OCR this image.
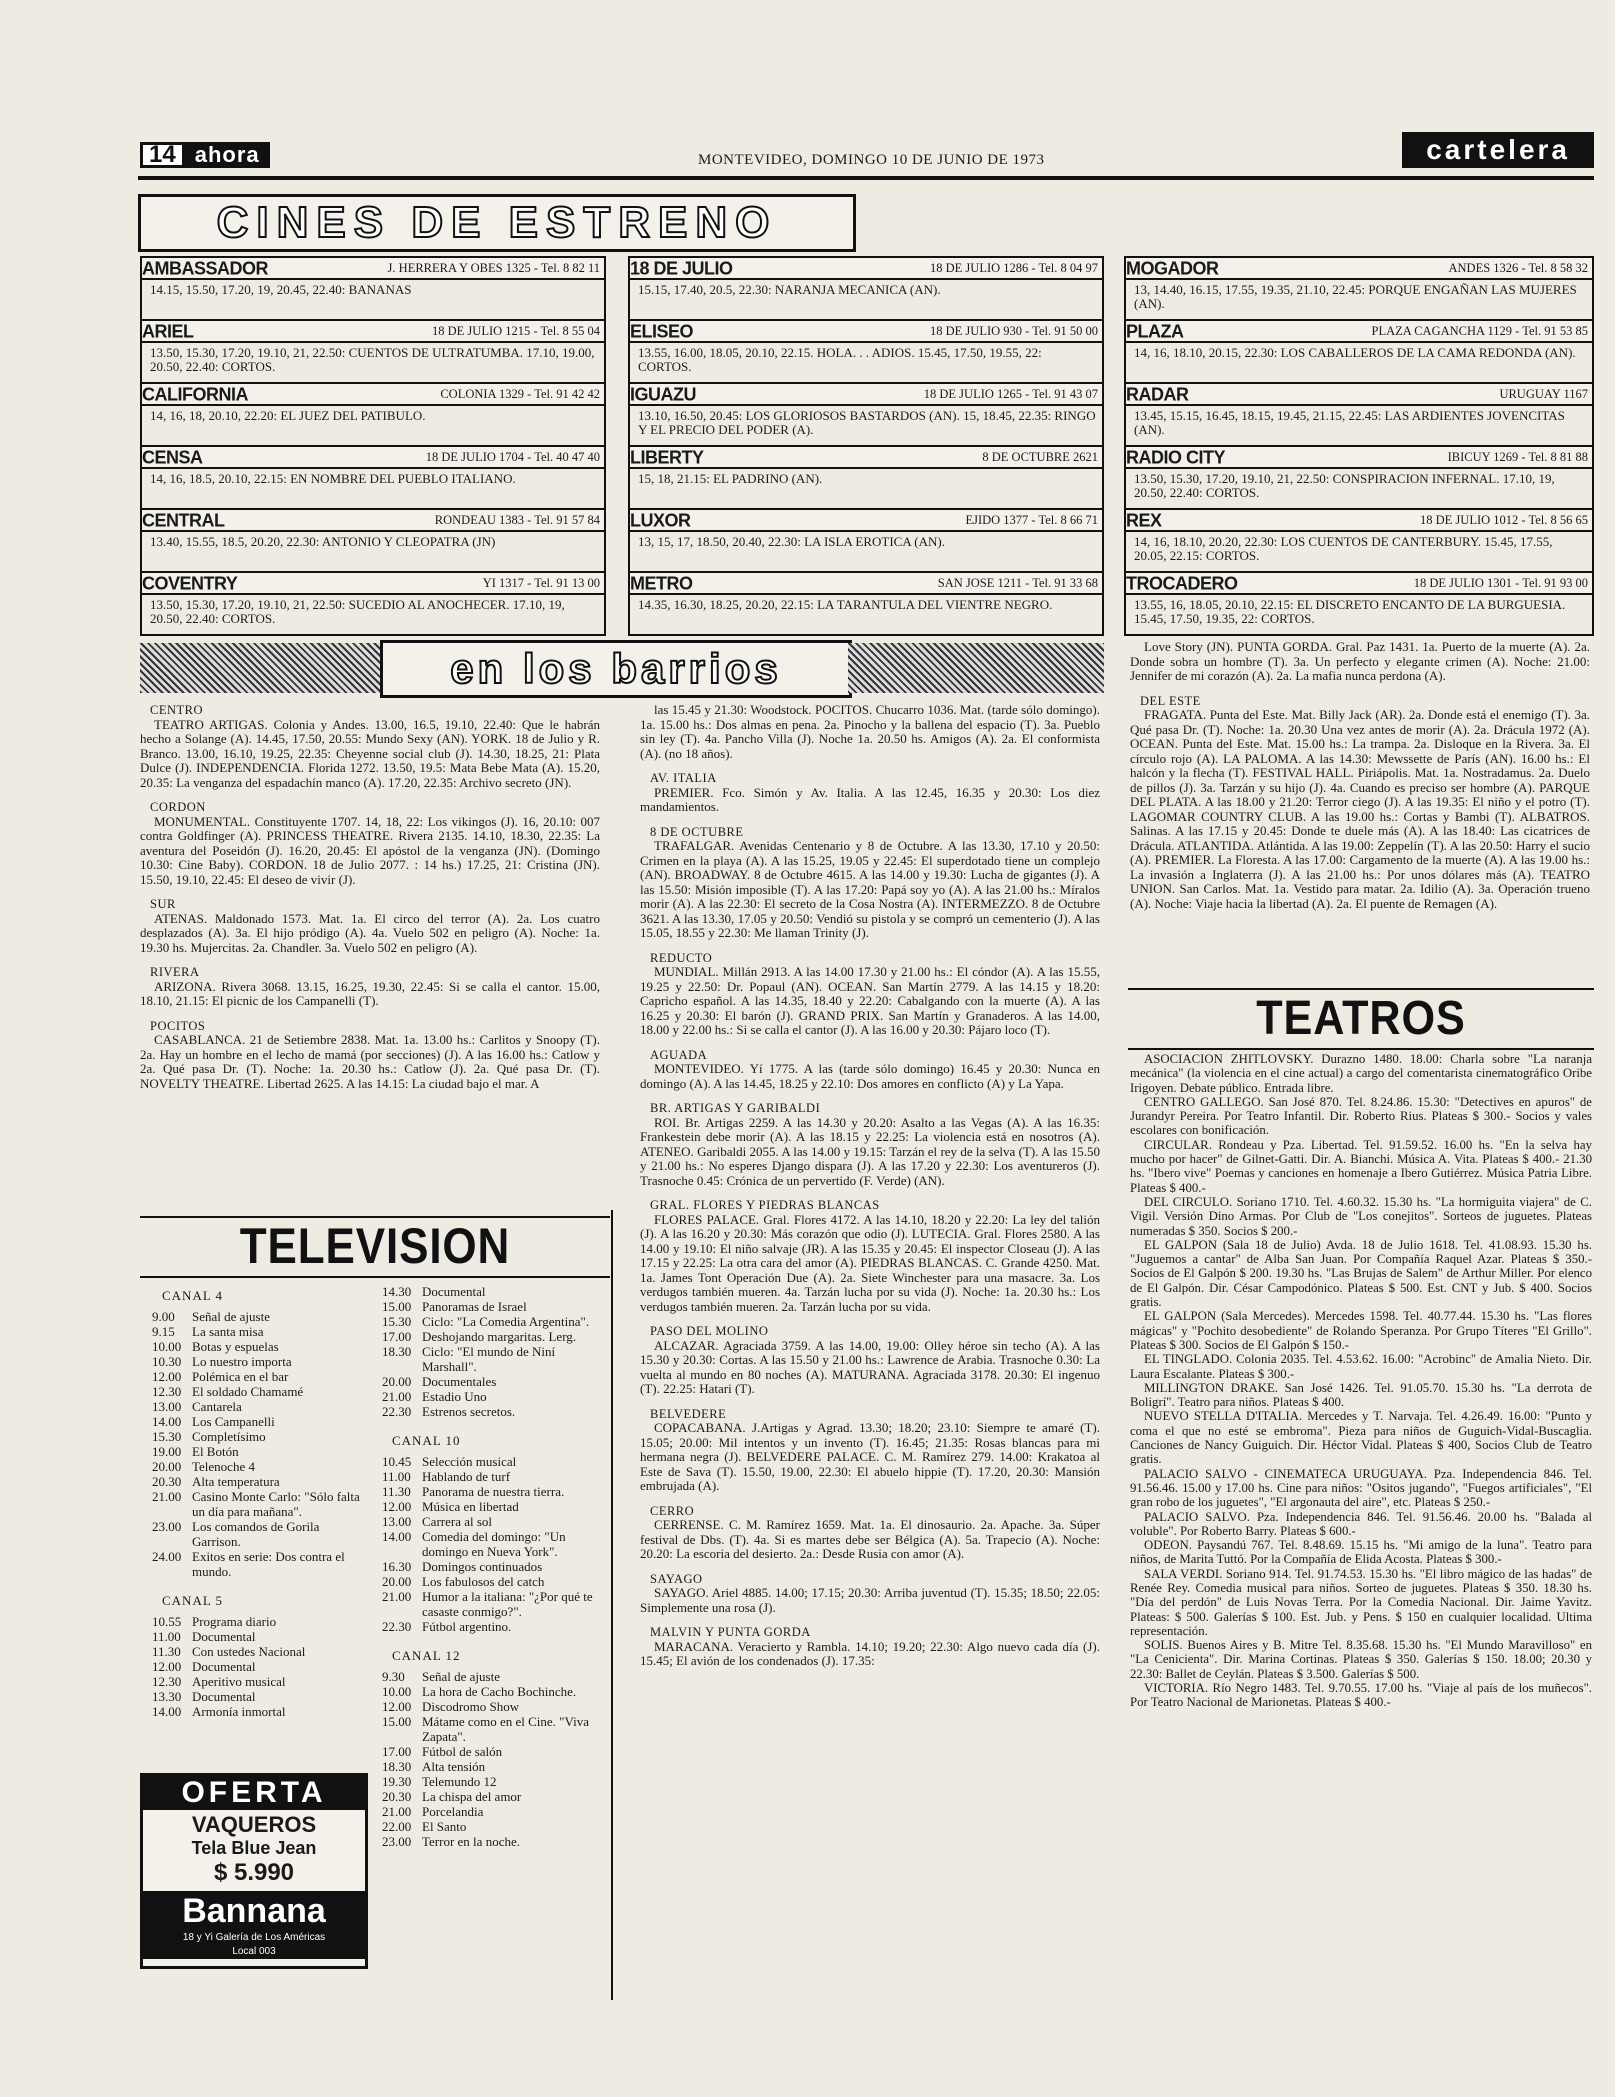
14 ahora	MONTEVIDEO, DOMINGO 10 DE JUNIO DE 1973	cartelera
CINES DE ESTRENO
AMBASSADOR	J. HERRERA Y OBES 1325 - Tel. 8 82 11
14.15, 15.50, 17.20, 19, 20.45, 22.40: BANANAS
ARIEL	18 DE JULIO 1215 - Tel. 8 55 04
13.50, 15.30, 17.20, 19.10, 21, 22.50: CUENTOS DE ULTRATUMBA. 17.10, 19.00, 20.50, 22.40: CORTOS.
CALIFORNIA	COLONIA 1329 - Tel. 91 42 42
14, 16, 18, 20.10, 22.20: EL JUEZ DEL PATIBULO.
CENSA	18 DE JULIO 1704 - Tel. 40 47 40
14, 16, 18.5, 20.10, 22.15: EN NOMBRE DEL PUEBLO ITALIANO.
CENTRAL	RONDEAU 1383 - Tel. 91 57 84
13.40, 15.55, 18.5, 20.20, 22.30: ANTONIO Y CLEOPATRA (JN)
COVENTRY	YI 1317 - Tel. 91 13 00
13.50, 15.30, 17.20, 19.10, 21, 22.50: SUCEDIO AL ANOCHECER. 17.10, 19, 20.50, 22.40: CORTOS.
18 DE JULIO	18 DE JULIO 1286 - Tel. 8 04 97
15.15, 17.40, 20.5, 22.30: NARANJA MECANICA (AN).
ELISEO	18 DE JULIO 930 - Tel. 91 50 00
13.55, 16.00, 18.05, 20.10, 22.15. HOLA. . . ADIOS. 15.45, 17.50, 19.55, 22: CORTOS.
IGUAZU	18 DE JULIO 1265 - Tel. 91 43 07
13.10, 16.50, 20.45: LOS GLORIOSOS BASTARDOS (AN). 15, 18.45, 22.35: RINGO Y EL PRECIO DEL PODER (A).
LIBERTY	8 DE OCTUBRE 2621
15, 18, 21.15: EL PADRINO (AN).
LUXOR	EJIDO 1377 - Tel. 8 66 71
13, 15, 17, 18.50, 20.40, 22.30: LA ISLA EROTICA (AN).
METRO	SAN JOSE 1211 - Tel. 91 33 68
14.35, 16.30, 18.25, 20.20, 22.15: LA TARANTULA DEL VIENTRE NEGRO.
MOGADOR	ANDES 1326 - Tel. 8 58 32
13, 14.40, 16.15, 17.55, 19.35, 21.10, 22.45: PORQUE ENGAÑAN LAS MUJERES (AN).
PLAZA	PLAZA CAGANCHA 1129 - Tel. 91 53 85
14, 16, 18.10, 20.15, 22.30: LOS CABALLEROS DE LA CAMA REDONDA (AN).
RADAR	URUGUAY 1167
13.45, 15.15, 16.45, 18.15, 19.45, 21.15, 22.45: LAS ARDIENTES JOVENCITAS (AN).
RADIO CITY	IBICUY 1269 - Tel. 8 81 88
13.50, 15.30, 17.20, 19.10, 21, 22.50: CONSPIRACION INFERNAL. 17.10, 19, 20.50, 22.40: CORTOS.
REX	18 DE JULIO 1012 - Tel. 8 56 65
14, 16, 18.10, 20.20, 22.30: LOS CUENTOS DE CANTERBURY. 15.45, 17.55, 20.05, 22.15: CORTOS.
TROCADERO	18 DE JULIO 1301 - Tel. 91 93 00
13.55, 16, 18.05, 20.10, 22.15: EL DISCRETO ENCANTO DE LA BURGUESIA. 15.45, 17.50, 19.35, 22: CORTOS.
en los barrios

CENTRO

TEATRO ARTIGAS. Colonia y Andes. 13.00, 16.5, 19.10, 22.40: Que le habrán hecho a Solange (A). 14.45, 17.50, 20.55: Mundo Sexy (AN). YORK. 18 de Julio y R. Branco. 13.00, 16.10, 19.25, 22.35: Cheyenne social club (J). 14.30, 18.25, 21: Plata Dulce (J). INDEPENDENCIA. Florida 1272. 13.50, 19.5: Mata Bebe Mata (A). 15.20, 20.35: La venganza del espadachín manco (A). 17.20, 22.35: Archivo secreto (JN).

CORDON

MONUMENTAL. Constituyente 1707. 14, 18, 22: Los vikingos (J). 16, 20.10: 007 contra Goldfinger (A). PRINCESS THEATRE. Rivera 2135. 14.10, 18.30, 22.35: La aventura del Poseidón (J). 16.20, 20.45: El apóstol de la venganza (JN). (Domingo 10.30: Cine Baby). CORDON. 18 de Julio 2077. : 14 hs.) 17.25, 21: Cristina (JN). 15.50, 19.10, 22.45: El deseo de vivir (J).

SUR

ATENAS. Maldonado 1573. Mat. 1a. El circo del terror (A). 2a. Los cuatro desplazados (A). 3a. El hijo pródigo (A). 4a. Vuelo 502 en peligro (A). Noche: 1a. 19.30 hs. Mujercitas. 2a. Chandler. 3a. Vuelo 502 en peligro (A).

RIVERA

ARIZONA. Rivera 3068. 13.15, 16.25, 19.30, 22.45: Si se calla el cantor. 15.00, 18.10, 21.15: El picnic de los Campanelli (T).

POCITOS

CASABLANCA. 21 de Setiembre 2838. Mat. 1a. 13.00 hs.: Carlitos y Snoopy (T). 2a. Hay un hombre en el lecho de mamá (por secciones) (J). A las 16.00 hs.: Catlow y 2a. Qué pasa Dr. (T). Noche: 1a. 20.30 hs.: Catlow (J). 2a. Qué pasa Dr. (T). NOVELTY THEATRE. Libertad 2625. A las 14.15: La ciudad bajo el mar. A

las 15.45 y 21.30: Woodstock. POCITOS. Chucarro 1036. Mat. (tarde sólo domingo). 1a. 15.00 hs.: Dos almas en pena. 2a. Pinocho y la ballena del espacio (T). 3a. Pueblo sin ley (T). 4a. Pancho Villa (J). Noche 1a. 20.50 hs. Amigos (A). 2a. El conformista (A). (no 18 años).

AV. ITALIA

PREMIER. Fco. Simón y Av. Italia. A las 12.45, 16.35 y 20.30: Los diez mandamientos.

8 DE OCTUBRE

TRAFALGAR. Avenidas Centenario y 8 de Octubre. A las 13.30, 17.10 y 20.50: Crimen en la playa (A). A las 15.25, 19.05 y 22.45: El superdotado tiene un complejo (AN). BROADWAY. 8 de Octubre 4615. A las 14.00 y 19.30: Lucha de gigantes (J). A las 15.50: Misión imposible (T). A las 17.20: Papá soy yo (A). A las 21.00 hs.: Míralos morir (A). A las 22.30: El secreto de la Cosa Nostra (A). INTERMEZZO. 8 de Octubre 3621. A las 13.30, 17.05 y 20.50: Vendió su pistola y se compró un cementerio (J). A las 15.05, 18.55 y 22.30: Me llaman Trinity (J).

REDUCTO

MUNDIAL. Millán 2913. A las 14.00 17.30 y 21.00 hs.: El cóndor (A). A las 15.55, 19.25 y 22.50: Dr. Popaul (AN). OCEAN. San Martín 2779. A las 14.15 y 18.20: Capricho español. A las 14.35, 18.40 y 22.20: Cabalgando con la muerte (A). A las 16.25 y 20.30: El barón (J). GRAND PRIX. San Martín y Granaderos. A las 14.00, 18.00 y 22.00 hs.: Si se calla el cantor (J). A las 16.00 y 20.30: Pájaro loco (T).

AGUADA

MONTEVIDEO. Yí 1775. A las (tarde sólo domingo) 16.45 y 20.30: Nunca en domingo (A). A las 14.45, 18.25 y 22.10: Dos amores en conflicto (A) y La Yapa.

BR. ARTIGAS Y GARIBALDI

ROI. Br. Artigas 2259. A las 14.30 y 20.20: Asalto a las Vegas (A). A las 16.35: Frankestein debe morir (A). A las 18.15 y 22.25: La violencia está en nosotros (A). ATENEO. Garibaldi 2055. A las 14.00 y 19.15: Tarzán el rey de la selva (T). A las 15.50 y 21.00 hs.: No esperes Django dispara (J). A las 17.20 y 22.30: Los aventureros (J). Trasnoche 0.45: Crónica de un pervertido (F. Verde) (AN).

GRAL. FLORES Y PIEDRAS BLANCAS

FLORES PALACE. Gral. Flores 4172. A las 14.10, 18.20 y 22.20: La ley del talión (J). A las 16.20 y 20.30: Más corazón que odio (J). LUTECIA. Gral. Flores 2580. A las 14.00 y 19.10: El niño salvaje (JR). A las 15.35 y 20.45: El inspector Closeau (J). A las 17.15 y 22.25: La otra cara del amor (A). PIEDRAS BLANCAS. C. Grande 4250. Mat. 1a. James Tont Operación Due (A). 2a. Siete Winchester para una masacre. 3a. Los verdugos también mueren. 4a. Tarzán lucha por su vida (J). Noche: 1a. 20.30 hs.: Los verdugos también mueren. 2a. Tarzán lucha por su vida.

PASO DEL MOLINO

ALCAZAR. Agraciada 3759. A las 14.00, 19.00: Olley héroe sin techo (A). A las 15.30 y 20.30: Cortas. A las 15.50 y 21.00 hs.: Lawrence de Arabia. Trasnoche 0.30: La vuelta al mundo en 80 noches (A). MATURANA. Agraciada 3178. 20.30: El ingenuo (T). 22.25: Hatari (T).

BELVEDERE

COPACABANA. J.Artigas y Agrad. 13.30; 18.20; 23.10: Siempre te amaré (T). 15.05; 20.00: Mil intentos y un invento (T). 16.45; 21.35: Rosas blancas para mi hermana negra (J). BELVEDERE PALACE. C. M. Ramírez 279. 14.00: Krakatoa al Este de Sava (T). 15.50, 19.00, 22.30: El abuelo hippie (T). 17.20, 20.30: Mansión embrujada (A).

CERRO

CERRENSE. C. M. Ramírez 1659. Mat. 1a. El dinosaurio. 2a. Apache. 3a. Súper festival de Dbs. (T). 4a. Si es martes debe ser Bélgica (A). 5a. Trapecio (A). Noche: 20.20: La escoria del desierto. 2a.: Desde Rusia con amor (A).

SAYAGO

SAYAGO. Ariel 4885. 14.00; 17.15; 20.30: Arriba juventud (T). 15.35; 18.50; 22.05: Simplemente una rosa (J).

MALVIN Y PUNTA GORDA

MARACANA. Veracierto y Rambla. 14.10; 19.20; 22.30: Algo nuevo cada día (J). 15.45; El avión de los condenados (J). 17.35:

Love Story (JN). PUNTA GORDA. Gral. Paz 1431. 1a. Puerto de la muerte (A). 2a. Donde sobra un hombre (T). 3a. Un perfecto y elegante crimen (A). Noche: 21.00: Jennifer de mi corazón (A). 2a. La mafia nunca perdona (A).

DEL ESTE

FRAGATA. Punta del Este. Mat. Billy Jack (AR). 2a. Donde está el enemigo (T). 3a. Qué pasa Dr. (T). Noche: 1a. 20.30 Una vez antes de morir (A). 2a. Drácula 1972 (A). OCEAN. Punta del Este. Mat. 15.00 hs.: La trampa. 2a. Disloque en la Rivera. 3a. El círculo rojo (A). LA PALOMA. A las 14.30: Mewssette de París (AN). 16.00 hs.: El halcón y la flecha (T). FESTIVAL HALL. Piriápolis. Mat. 1a. Nostradamus. 2a. Duelo de pillos (J). 3a. Tarzán y su hijo (J). 4a. Cuando es preciso ser hombre (A). PARQUE DEL PLATA. A las 18.00 y 21.20: Terror ciego (J). A las 19.35: El niño y el potro (T). LAGOMAR COUNTRY CLUB. A las 19.00 hs.: Cortas y Bambi (T). ALBATROS. Salinas. A las 17.15 y 20.45: Donde te duele más (A). A las 18.40: Las cicatrices de Drácula. ATLANTIDA. Atlántida. A las 19.00: Zeppelín (T). A las 20.50: Harry el sucio (A). PREMIER. La Floresta. A las 17.00: Cargamento de la muerte (A). A las 19.00 hs.: La invasión a Inglaterra (J). A las 21.00 hs.: Por unos dólares más (A). TEATRO UNION. San Carlos. Mat. 1a. Vestido para matar. 2a. Idilio (A). 3a. Operación trueno (A). Noche: Viaje hacia la libertad (A). 2a. El puente de Remagen (A).

TEATROS

ASOCIACION ZHITLOVSKY. Durazno 1480. 18.00: Charla sobre "La naranja mecánica" (la violencia en el cine actual) a cargo del comentarista cinematográfico Oribe Irigoyen. Debate público. Entrada libre.

CENTRO GALLEGO. San José 870. Tel. 8.24.86. 15.30: "Detectives en apuros" de Jurandyr Pereira. Por Teatro Infantil. Dir. Roberto Rius. Plateas $ 300.- Socios y vales escolares con bonificación.

CIRCULAR. Rondeau y Pza. Libertad. Tel. 91.59.52. 16.00 hs. "En la selva hay mucho por hacer" de Gilnet-Gatti. Dir. A. Bianchi. Música A. Vita. Plateas $ 400.- 21.30 hs. "Ibero vive" Poemas y canciones en homenaje a Ibero Gutiérrez. Música Patria Libre. Plateas $ 400.-

DEL CIRCULO. Soriano 1710. Tel. 4.60.32. 15.30 hs. "La hormiguita viajera" de C. Vigil. Versión Dino Armas. Por Club de "Los conejitos". Sorteos de juguetes. Plateas numeradas $ 350. Socios $ 200.-

EL GALPON (Sala 18 de Julio) Avda. 18 de Julio 1618. Tel. 41.08.93. 15.30 hs. "Juguemos a cantar" de Alba San Juan. Por Compañía Raquel Azar. Plateas $ 350.- Socios de El Galpón $ 200. 19.30 hs. "Las Brujas de Salem" de Arthur Miller. Por elenco de El Galpón. Dir. César Campodónico. Plateas $ 500. Est. CNT y Jub. $ 400. Socios gratis.

EL GALPON (Sala Mercedes). Mercedes 1598. Tel. 40.77.44. 15.30 hs. "Las flores mágicas" y "Pochito desobediente" de Rolando Speranza. Por Grupo Títeres "El Grillo". Plateas $ 300. Socios de El Galpón $ 150.-

EL TINGLADO. Colonia 2035. Tel. 4.53.62. 16.00: "Acrobinc" de Amalia Nieto. Dir. Laura Escalante. Plateas $ 300.-

MILLINGTON DRAKE. San José 1426. Tel. 91.05.70. 15.30 hs. "La derrota de Boligrí". Teatro para niños. Plateas $ 400.

NUEVO STELLA D'ITALIA. Mercedes y T. Narvaja. Tel. 4.26.49. 16.00: "Punto y coma el que no esté se embroma". Pieza para niños de Guguich-Vidal-Buscaglia. Canciones de Nancy Guiguich. Dir. Héctor Vidal. Plateas $ 400, Socios Club de Teatro gratis.

PALACIO SALVO - CINEMATECA URUGUAYA. Pza. Independencia 846. Tel. 91.56.46. 15.00 y 17.00 hs. Cine para niños: "Ositos jugando", "Fuegos artificiales", "El gran robo de los juguetes", "El argonauta del aire", etc. Plateas $ 250.-

PALACIO SALVO. Pza. Independencia 846. Tel. 91.56.46. 20.00 hs. "Balada al voluble". Por Roberto Barry. Plateas $ 600.-

ODEON. Paysandú 767. Tel. 8.48.69. 15.15 hs. "Mi amigo de la luna". Teatro para niños, de Marita Tuttó. Por la Compañía de Elida Acosta. Plateas $ 300.-

SALA VERDI. Soriano 914. Tel. 91.74.53. 15.30 hs. "El libro mágico de las hadas" de Renée Rey. Comedia musical para niños. Sorteo de juguetes. Plateas $ 350. 18.30 hs. "Día del perdón" de Luis Novas Terra. Por la Comedia Nacional. Dir. Jaime Yavitz. Plateas: $ 500. Galerías $ 100. Est. Jub. y Pens. $ 150 en cualquier localidad. Ultima representación.

SOLIS. Buenos Aires y B. Mitre Tel. 8.35.68. 15.30 hs. "El Mundo Maravilloso" en "La Cenicienta". Dir. Marina Cortinas. Plateas $ 350. Galerías $ 150. 18.00; 20.30 y 22.30: Ballet de Ceylán. Plateas $ 3.500. Galerías $ 500.

VICTORIA. Río Negro 1483. Tel. 9.70.55. 17.00 hs. "Viaje al país de los muñecos". Por Teatro Nacional de Marionetas. Plateas $ 400.-

TELEVISION
CANAL 4
9.00	Señal de ajuste
9.15	La santa misa
10.00 Botas y espuelas
10.30 Lo nuestro importa
12.00 Polémica en el bar
12.30 El soldado Chamamé
13.00 Cantarela
14.00 Los Campanelli
15.30 Completísimo
19.00 El Botón
20.00 Telenoche 4
20.30 Alta temperatura
21.00 Casino Monte Carlo: "Sólo falta un día para mañana".
23.00 Los comandos de Gorila Garrison.
24.00 Exitos en serie: Dos contra el mundo.
CANAL 5
10.55 Programa diario
11.00 Documental
11.30 Con ustedes Nacional
12.00 Documental
12.30 Aperitivo musical
13.30 Documental
14.00 Armonía inmortal
14.30 Documental
15.00 Panoramas de Israel
15.30 Ciclo: "La Comedia Argentina".
17.00 Deshojando margaritas. Lerg.
18.30 Ciclo: "El mundo de Niní Marshall".
20.00 Documentales
21.00 Estadio Uno
22.30 Estrenos secretos.
CANAL 10
10.45 Selección musical
11.00 Hablando de turf
11.30 Panorama de nuestra tierra.
12.00 Música en libertad
13.00 Carrera al sol
14.00 Comedia del domingo: "Un domingo en Nueva York".
16.30 Domingos continuados
20.00 Los fabulosos del catch
21.00 Humor a la italiana: "¿Por qué te casaste conmigo?".
22.30 Fútbol argentino.
CANAL 12
9.30	Señal de ajuste
10.00 La hora de Cacho Bochinche.
12.00 Discodromo Show
15.00 Mátame como en el Cine. "Viva Zapata".
17.00 Fútbol de salón
18.30 Alta tensión
19.30 Telemundo 12
20.30 La chispa del amor
21.00 Porcelandia
22.00 El Santo
23.00 Terror en la noche.
OFERTA
VAQUEROS
Tela Blue Jean
$ 5.990
Bannana
18 y Yi Galería de Los Américas
Local 003
